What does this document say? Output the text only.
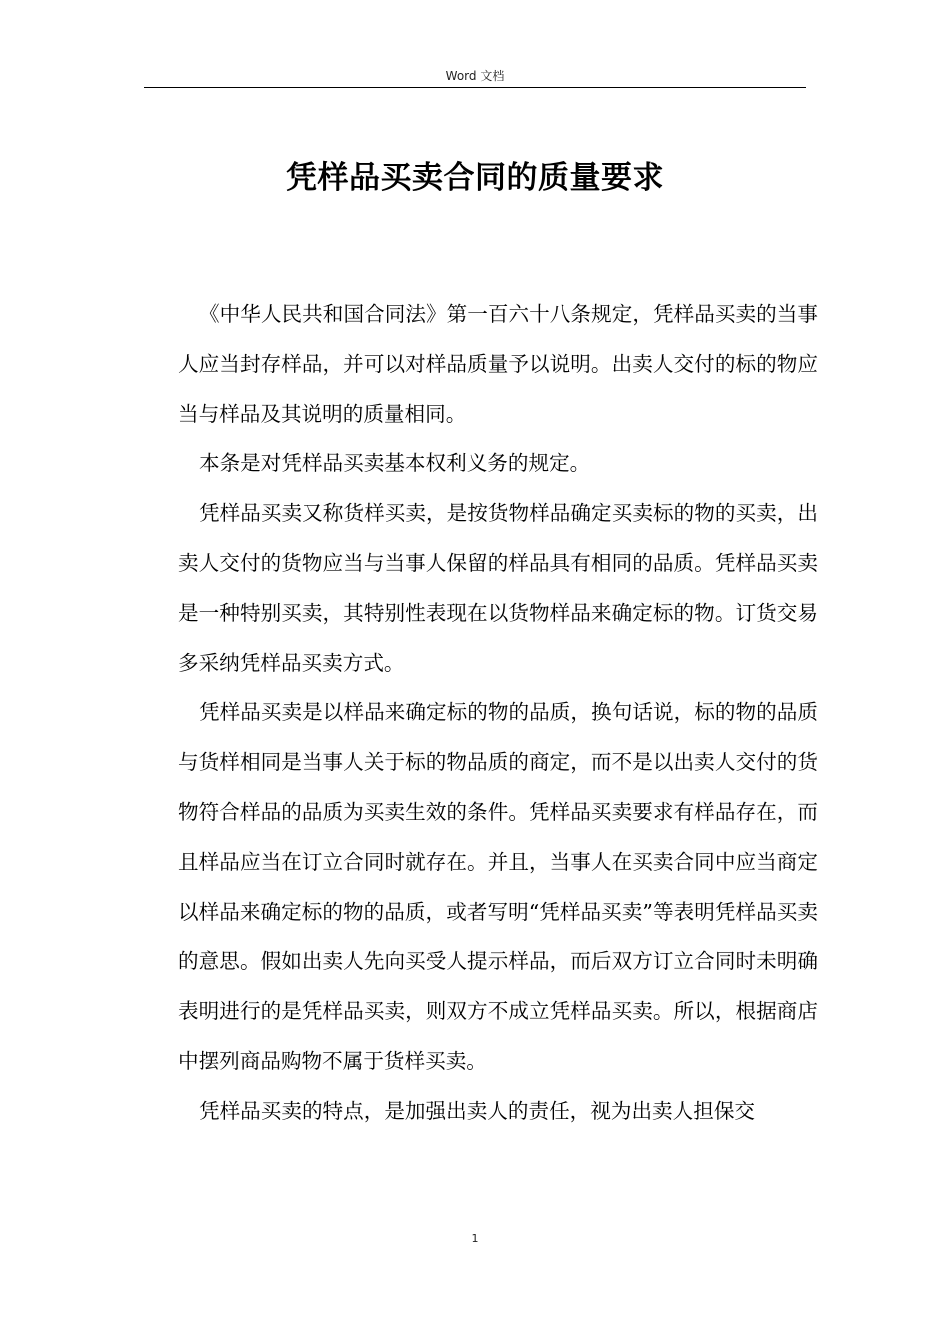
Word 文档
凭样品买卖合同的质量要求

《中华人民共和国合同法》第一百六十八条规定，凭样品买卖的当事人应当封存样品，并可以对样品质量予以说明。出卖人交付的标的物应当与样品及其说明的质量相同。

本条是对凭样品买卖基本权利义务的规定。

凭样品买卖又称货样买卖，是按货物样品确定买卖标的物的买卖，出卖人交付的货物应当与当事人保留的样品具有相同的品质。凭样品买卖是一种特别买卖，其特别性表现在以货物样品来确定标的物。订货交易多采纳凭样品买卖方式。

凭样品买卖是以样品来确定标的物的品质，换句话说，标的物的品质与货样相同是当事人关于标的物品质的商定，而不是以出卖人交付的货物符合样品的品质为买卖生效的条件。凭样品买卖要求有样品存在，而且样品应当在订立合同时就存在。并且，当事人在买卖合同中应当商定以样品来确定标的物的品质，或者写明“凭样品买卖”等表明凭样品买卖的意思。假如出卖人先向买受人提示样品，而后双方订立合同时未明确表明进行的是凭样品买卖，则双方不成立凭样品买卖。所以，根据商店中摆列商品购物不属于货样买卖。

凭样品买卖的特点，是加强出卖人的责任，视为出卖人担保交

1
